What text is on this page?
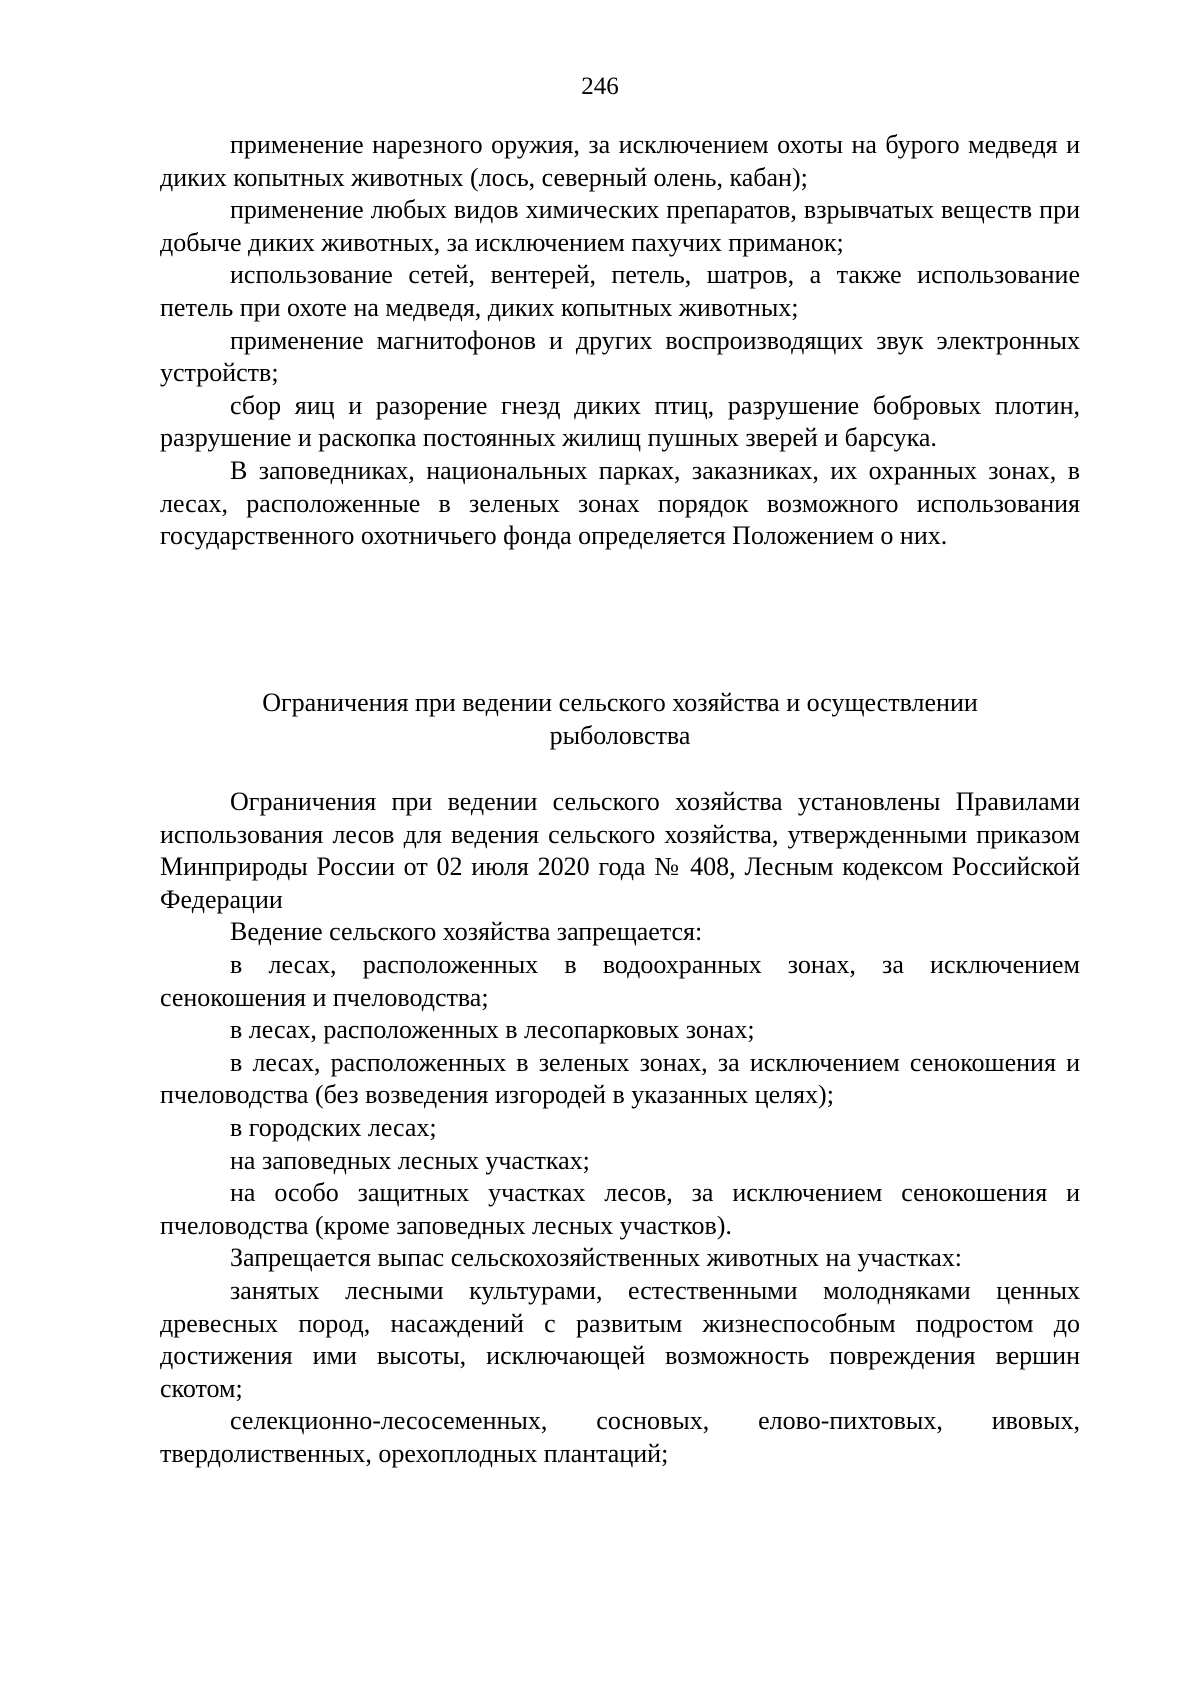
246

применение нарезного оружия, за исключением охоты на бурого медведя и диких копытных животных (лось, северный олень, кабан);

применение любых видов химических препаратов, взрывчатых веществ при добыче диких животных, за исключением пахучих приманок;

использование сетей, вентерей, петель, шатров, а также использование петель при охоте на медведя, диких копытных животных;

применение магнитофонов и других воспроизводящих звук электронных устройств;

сбор яиц и разорение гнезд диких птиц, разрушение бобровых плотин, разрушение и раскопка постоянных жилищ пушных зверей и барсука.

В заповедниках, национальных парках, заказниках, их охранных зонах, в лесах, расположенные в зеленых зонах порядок возможного использования государственного охотничьего фонда определяется Положением о них.

Ограничения при ведении сельского хозяйства и осуществлении
рыболовства

Ограничения при ведении сельского хозяйства установлены Правилами использования лесов для ведения сельского хозяйства, утвержденными приказом Минприроды России от 02 июля 2020 года № 408, Лесным кодексом Российской Федерации

Ведение сельского хозяйства запрещается:

в лесах, расположенных в водоохранных зонах, за исключением сенокошения и пчеловодства;

в лесах, расположенных в лесопарковых зонах;

в лесах, расположенных в зеленых зонах, за исключением сенокошения и пчеловодства (без возведения изгородей в указанных целях);

в городских лесах;

на заповедных лесных участках;

на особо защитных участках лесов, за исключением сенокошения и пчеловодства (кроме заповедных лесных участков).

Запрещается выпас сельскохозяйственных животных на участках:

занятых лесными культурами, естественными молодняками ценных древесных пород, насаждений с развитым жизнеспособным подростом до достижения ими высоты, исключающей возможность повреждения вершин скотом;

селекционно-лесосеменных, сосновых, елово-пихтовых, ивовых, твердолиственных, орехоплодных плантаций;
